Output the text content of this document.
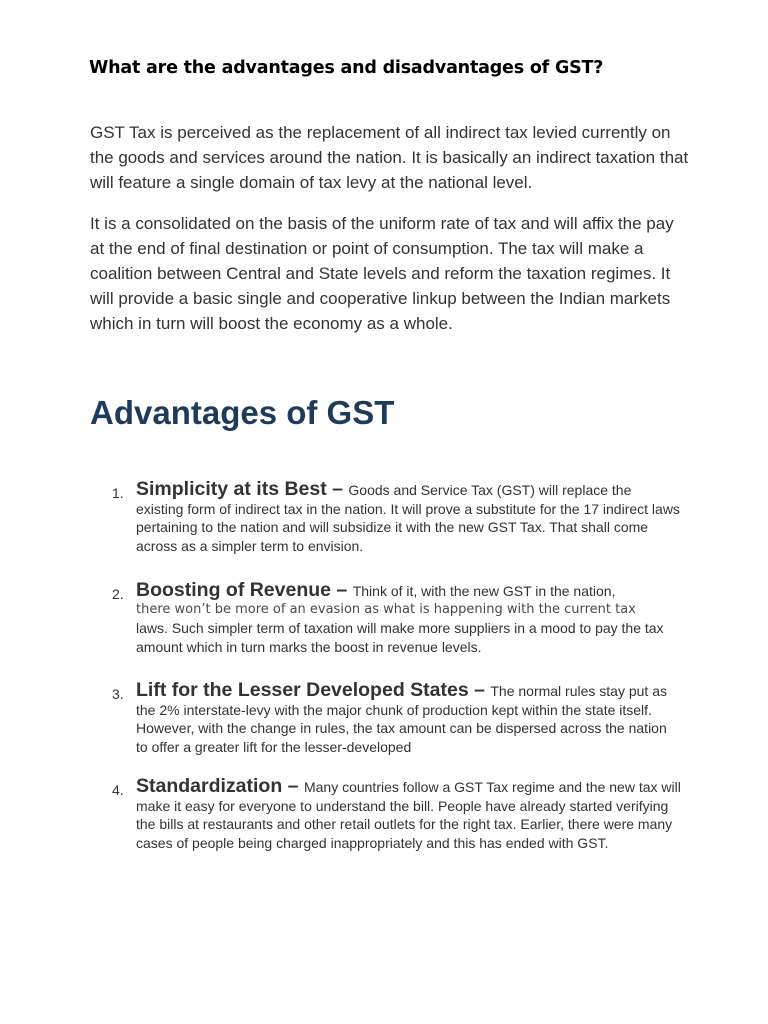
What are the advantages and disadvantages of GST?

GST Tax is perceived as the replacement of all indirect tax levied currently on the goods and services around the nation. It is basically an indirect taxation that will feature a single domain of tax levy at the national level.

It is a consolidated on the basis of the uniform rate of tax and will affix the pay at the end of final destination or point of consumption. The tax will make a coalition between Central and State levels and reform the taxation regimes. It will provide a basic single and cooperative linkup between the Indian markets which in turn will boost the economy as a whole.

Advantages of GST
1. Simplicity at its Best – Goods and Service Tax (GST) will replace the existing form of indirect tax in the nation. It will prove a substitute for the 17 indirect laws pertaining to the nation and will subsidize it with the new GST Tax. That shall come across as a simpler term to envision.
2. Boosting of Revenue – Think of it, with the new GST in the nation,
there won’t be more of an evasion as what is happening with the current tax
laws. Such simpler term of taxation will make more suppliers in a mood to pay the tax amount which in turn marks the boost in revenue levels.
3. Lift for the Lesser Developed States – The normal rules stay put as the 2% interstate-levy with the major chunk of production kept within the state itself. However, with the change in rules, the tax amount can be dispersed across the nation to offer a greater lift for the lesser-developed
4. Standardization – Many countries follow a GST Tax regime and the new tax will make it easy for everyone to understand the bill. People have already started verifying the bills at restaurants and other retail outlets for the right tax. Earlier, there were many cases of people being charged inappropriately and this has ended with GST.
